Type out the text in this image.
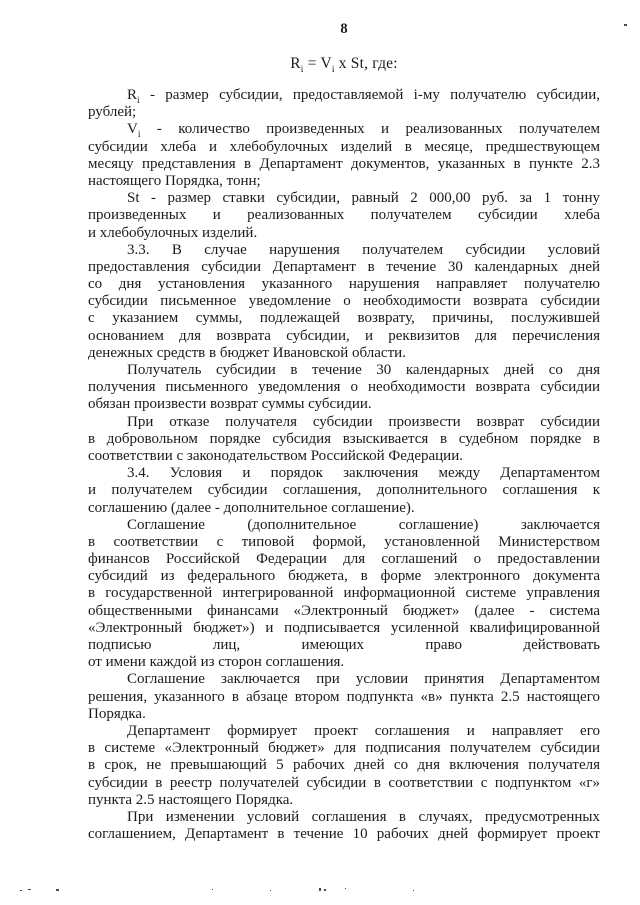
8
$R_i = V_i$ x St, где:
$R_i$ - размер субсидии, предоставляемой i-му получателю субсидии,
рублей;
$V_i$ - количество произведенных и реализованных получателем
субсидии хлеба и хлебобулочных изделий в месяце, предшествующем
месяцу представления в Департамент документов, указанных в пункте 2.3
настоящего Порядка, тонн;
St - размер ставки субсидии, равный 2 000,00 руб. за 1 тонну
произведенных и реализованных получателем субсидии хлеба
и хлебобулочных изделий.
3.3. В случае нарушения получателем субсидии условий
предоставления субсидии Департамент в течение 30 календарных дней
со дня установления указанного нарушения направляет получателю
субсидии письменное уведомление о необходимости возврата субсидии
с указанием суммы, подлежащей возврату, причины, послужившей
основанием для возврата субсидии, и реквизитов для перечисления
денежных средств в бюджет Ивановской области.
Получатель субсидии в течение 30 календарных дней со дня
получения письменного уведомления о необходимости возврата субсидии
обязан произвести возврат суммы субсидии.
При отказе получателя субсидии произвести возврат субсидии
в добровольном порядке субсидия взыскивается в судебном порядке в
соответствии с законодательством Российской Федерации.
3.4. Условия и порядок заключения между Департаментом
и получателем субсидии соглашения, дополнительного соглашения к
соглашению (далее - дополнительное соглашение).
Соглашение (дополнительное соглашение) заключается
в соответствии с типовой формой, установленной Министерством
финансов Российской Федерации для соглашений о предоставлении
субсидий из федерального бюджета, в форме электронного документа
в государственной интегрированной информационной системе управления
общественными финансами «Электронный бюджет» (далее - система
«Электронный бюджет») и подписывается усиленной квалифицированной
подписью лиц, имеющих право действовать
от имени каждой из сторон соглашения.
Соглашение заключается при условии принятия Департаментом
решения, указанного в абзаце втором подпункта «в» пункта 2.5 настоящего
Порядка.
Департамент формирует проект соглашения и направляет его
в системе «Электронный бюджет» для подписания получателем субсидии
в срок, не превышающий 5 рабочих дней со дня включения получателя
субсидии в реестр получателей субсидии в соответствии с подпунктом «г»
пункта 2.5 настоящего Порядка.
При изменении условий соглашения в случаях, предусмотренных
соглашением, Департамент в течение 10 рабочих дней формирует проект
